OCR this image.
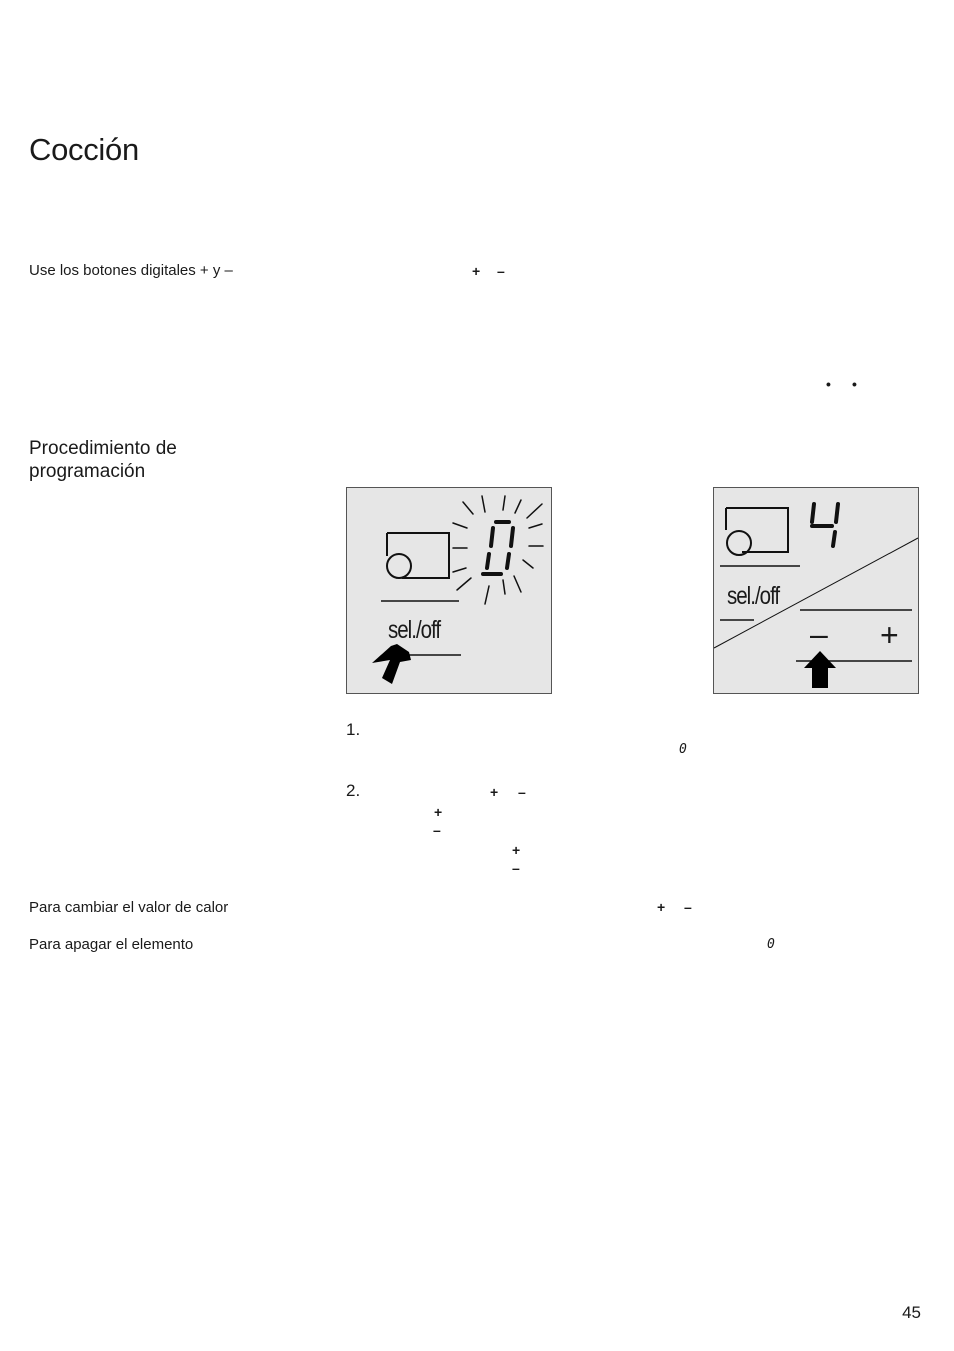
Cocción
Use los botones digitales + y –	+ –
• •
Procedimiento de programación
sel./off
sel./off
– +
1.
0
2.	+ –
+
–
+
–
Para cambiar el valor de calor	+ –
Para apagar el elemento	0
45
